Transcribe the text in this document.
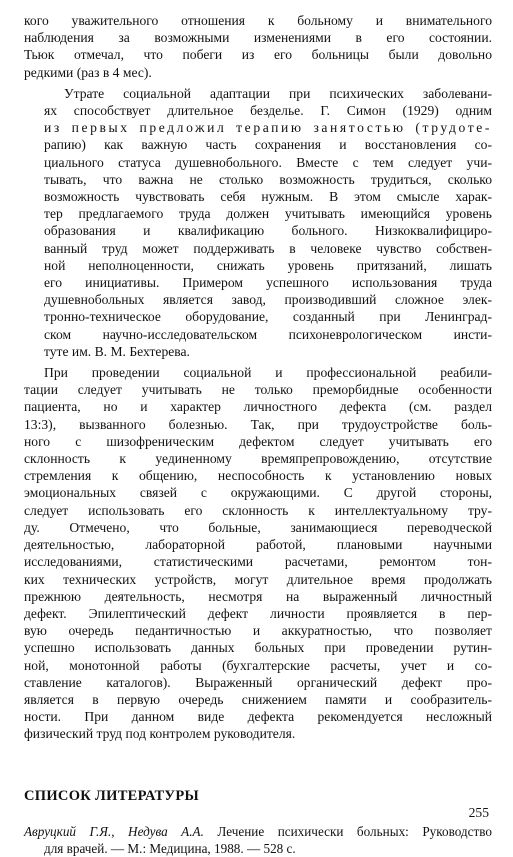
кого уважительного отношения к больному и внимательного
наблюдения за возможными изменениями в его состоянии.
Тьюк отмечал, что побеги из его больницы были довольно
редкими (раз в 4 мес).

Утрате социальной адаптации при психических заболевани-
ях способствует длительное безделье. Г. Симон (1929) одним
из первых предложил терапию занятостью (трудоте-
рапию) как важную часть сохранения и восстановления со-
циального статуса душевнобольного. Вместе с тем следует учи-
тывать, что важна не столько возможность трудиться, сколько
возможность чувствовать себя нужным. В этом смысле харак-
тер предлагаемого труда должен учитывать имеющийся уровень
образования и квалификацию больного. Низкоквалифициро-
ванный труд может поддерживать в человеке чувство собствен-
ной неполноценности, снижать уровень притязаний, лишать
его инициативы. Примером успешного использования труда
душевнобольных является завод, производивший сложное элек-
тронно-техническое оборудование, созданный при Ленинград-
ском научно-исследовательском психоневрологическом инсти-
туте им. В. М. Бехтерева.

При проведении социальной и профессиональной реабили-
тации следует учитывать не только преморбидные особенности
пациента, но и характер личностного дефекта (см. раздел
13:3), вызванного болезнью. Так, при трудоустройстве боль-
ного с шизофреническим дефектом следует учитывать его
склонность к уединенному времяпрепровождению, отсутствие
стремления к общению, неспособность к установлению новых
эмоциональных связей с окружающими. С другой стороны,
следует использовать его склонность к интеллектуальному тру-
ду. Отмечено, что больные, занимающиеся переводческой
деятельностью, лабораторной работой, плановыми научными
исследованиями, статистическими расчетами, ремонтом тон-
ких технических устройств, могут длительное время продолжать
прежнюю деятельность, несмотря на выраженный личностный
дефект. Эпилептический дефект личности проявляется в пер-
вую очередь педантичностью и аккуратностью, что позволяет
успешно использовать данных больных при проведении рутин-
ной, монотонной работы (бухгалтерские расчеты, учет и со-
ставление каталогов). Выраженный органический дефект про-
является в первую очередь снижением памяти и сообразитель-
ности. При данном виде дефекта рекомендуется несложный
физический труд под контролем руководителя.

СПИСОК ЛИТЕРАТУРЫ
Авруцкий Г.Я., Недува А.А. Лечение психически больных: Руководство
для врачей. — М.: Медицина, 1988. — 528 с.
255
